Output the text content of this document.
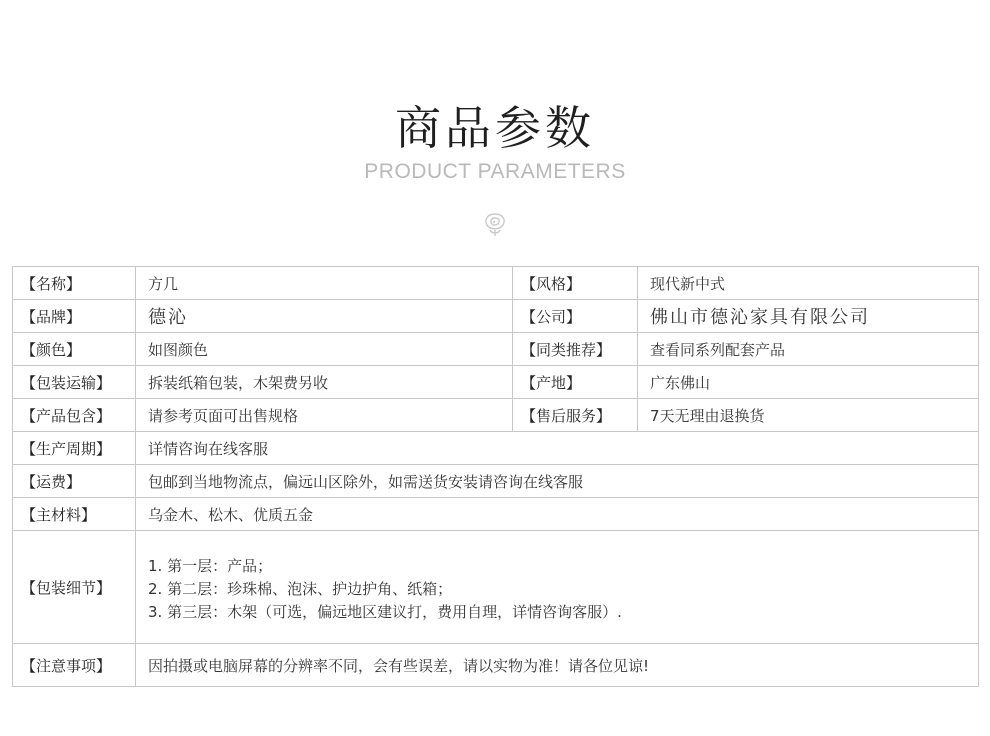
商品参数
PRODUCT PARAMETERS
【名称】	方几	【风格】	现代新中式
【品牌】	德沁	【公司】	佛山市德沁家具有限公司
【颜色】	如图颜色	【同类推荐】	查看同系列配套产品
【包装运输】	拆装纸箱包装，木架费另收	【产地】	广东佛山
【产品包含】	请参考页面可出售规格	【售后服务】	7天无理由退换货
【生产周期】	详情咨询在线客服		
【运费】	包邮到当地物流点，偏远山区除外，如需送货安装请咨询在线客服		
【主材料】	乌金木、松木、优质五金		
【包装细节】	1. 第一层：产品；
2. 第二层：珍珠棉、泡沫、护边护角、纸箱；
3. 第三层：木架（可选，偏远地区建议打，费用自理，详情咨询客服）.		

【注意事项】	因拍摄或电脑屏幕的分辨率不同，会有些误差，请以实物为准！请各位见谅!		
